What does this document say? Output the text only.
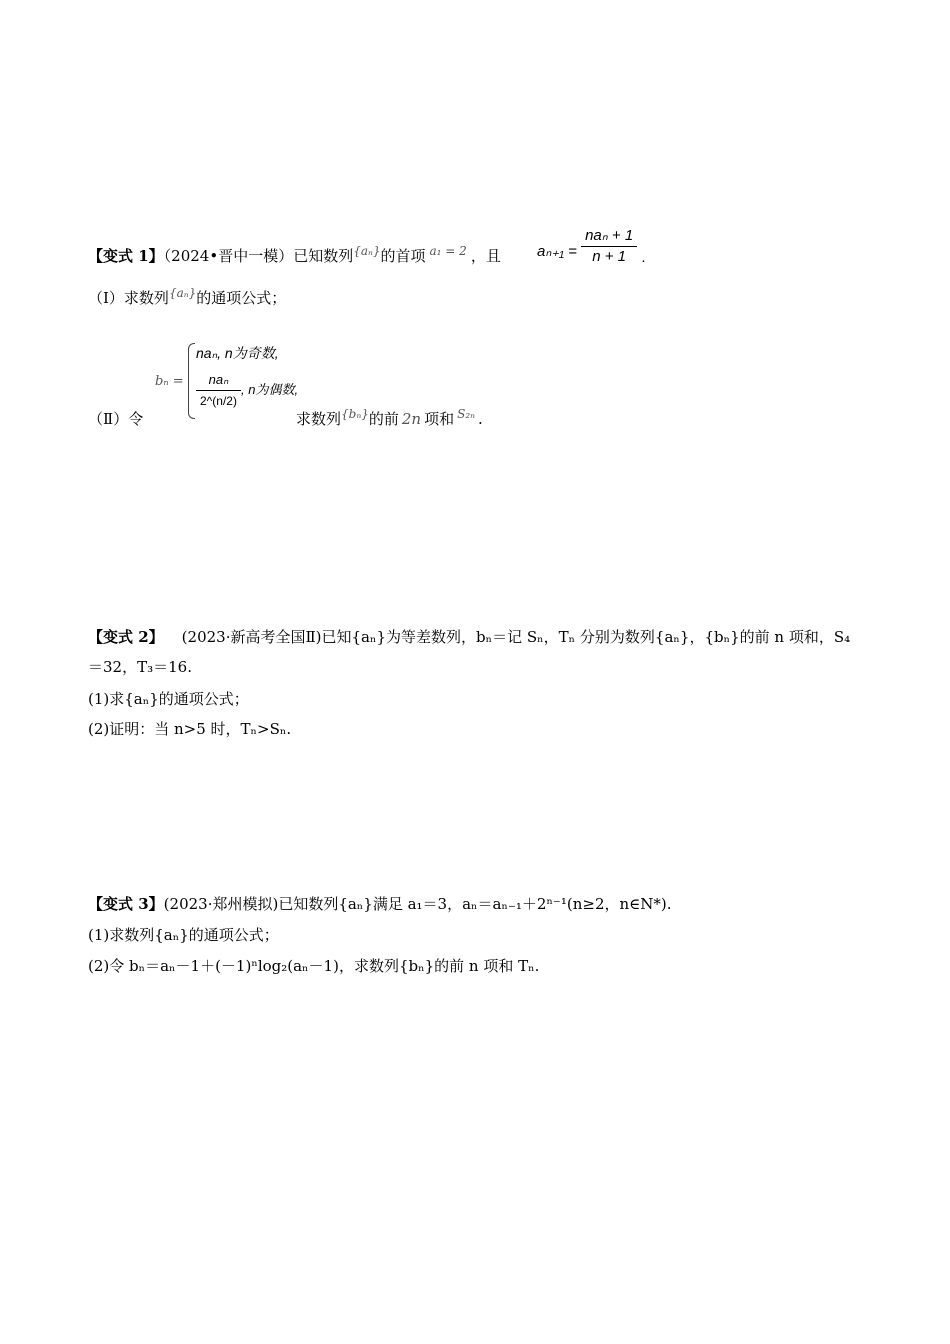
【变式 1】（2024•晋中一模）已知数列$^{\{a_n\}}$的首项 $^{a_1 = 2}$ ，且 $a_{n+1} = \frac{\text{naₙ + 1}}{n + 1}$ .
（Ⅰ）求数列$^{\{a_n\}}$的通项公式；
bₙ =
naₙ, n为奇数,
$\frac{\text{naₙ}}{2\^{}(n/2)}$ , n为偶数,
（Ⅱ）令	求数列$^{\{b_n\}}$的前 2n 项和 $^{S_{2n}}$ .
【变式 2】 (2023·新高考全国Ⅱ)已知{aₙ}为等差数列，bₙ＝记 Sₙ，Tₙ 分别为数列{aₙ}，{bₙ}的前 n 项和，S₄
＝32，T₃＝16.
(1)求{aₙ}的通项公式；
(2)证明：当 n>5 时，Tₙ>Sₙ.
【变式 3】(2023·郑州模拟)已知数列{aₙ}满足 a₁＝3，aₙ＝aₙ₋₁＋2ⁿ⁻¹(n≥2，n∈N*).
(1)求数列{aₙ}的通项公式；
(2)令 bₙ＝aₙ－1＋(－1)ⁿlog₂(aₙ－1)，求数列{bₙ}的前 n 项和 Tₙ.
